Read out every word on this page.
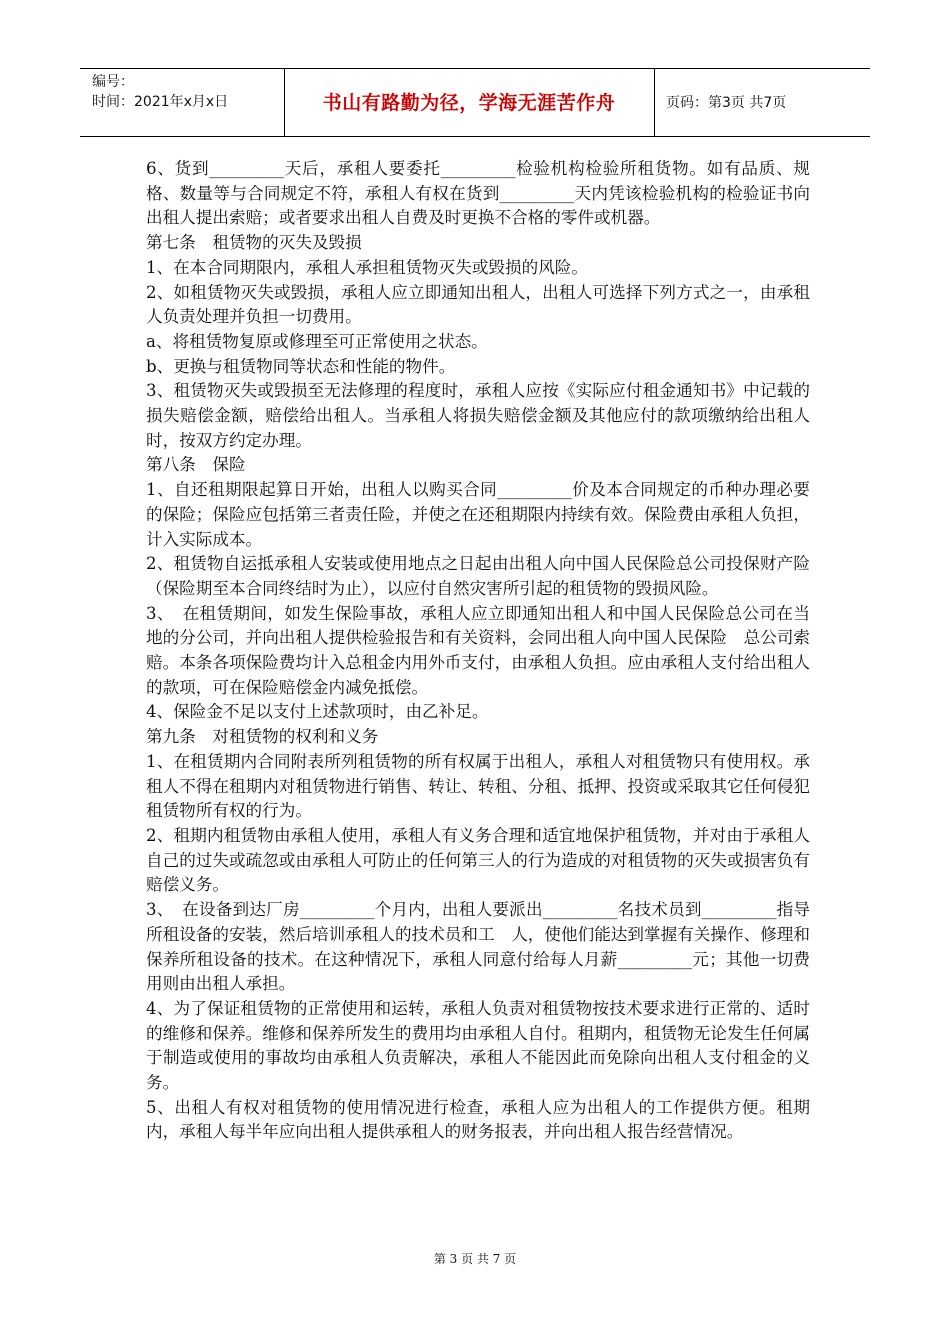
编号：
时间：2021年x月x日	书山有路勤为径，学海无涯苦作舟	页码：第3页 共7页

6、货到_________天后，承租人要委托_________检验机构检验所租货物。如有品质、规格、数量等与合同规定不符，承租人有权在货到_________天内凭该检验机构的检验证书向出租人提出索赔；或者要求出租人自费及时更换不合格的零件或机器。

第七条　租赁物的灭失及毁损

1、在本合同期限内，承租人承担租赁物灭失或毁损的风险。

2、如租赁物灭失或毁损，承租人应立即通知出租人，出租人可选择下列方式之一，由承租人负责处理并负担一切费用。

a、将租赁物复原或修理至可正常使用之状态。

b、更换与租赁物同等状态和性能的物件。

3、租赁物灭失或毁损至无法修理的程度时，承租人应按《实际应付租金通知书》中记载的损失赔偿金额，赔偿给出租人。当承租人将损失赔偿金额及其他应付的款项缴纳给出租人时，按双方约定办理。

第八条　保险

1、自还租期限起算日开始，出租人以购买合同_________价及本合同规定的币种办理必要的保险；保险应包括第三者责任险，并使之在还租期限内持续有效。保险费由承租人负担，计入实际成本。

2、租赁物自运抵承租人安装或使用地点之日起由出租人向中国人民保险总公司投保财产险（保险期至本合同终结时为止），以应付自然灾害所引起的租赁物的毁损风险。

3、　在租赁期间，如发生保险事故，承租人应立即通知出租人和中国人民保险总公司在当地的分公司，并向出租人提供检验报告和有关资料，会同出租人向中国人民保险　总公司索赔。本条各项保险费均计入总租金内用外币支付，由承租人负担。应由承租人支付给出租人的款项，可在保险赔偿金内减免抵偿。

4、保险金不足以支付上述款项时，由乙补足。

第九条　对租赁物的权利和义务

1、在租赁期内合同附表所列租赁物的所有权属于出租人，承租人对租赁物只有使用权。承租人不得在租期内对租赁物进行销售、转让、转租、分租、抵押、投资或采取其它任何侵犯租赁物所有权的行为。

2、租期内租赁物由承租人使用，承租人有义务合理和适宜地保护租赁物，并对由于承租人自己的过失或疏忽或由承租人可防止的任何第三人的行为造成的对租赁物的灭失或损害负有赔偿义务。

3、　在设备到达厂房_________个月内，出租人要派出_________名技术员到_________指导所租设备的安装，然后培训承租人的技术员和工　人，使他们能达到掌握有关操作、修理和保养所租设备的技术。在这种情况下，承租人同意付给每人月薪_________元；其他一切费用则由出租人承担。

4、为了保证租赁物的正常使用和运转，承租人负责对租赁物按技术要求进行正常的、适时的维修和保养。维修和保养所发生的费用均由承租人自付。租期内，租赁物无论发生任何属于制造或使用的事故均由承租人负责解决，承租人不能因此而免除向出租人支付租金的义务。

5、出租人有权对租赁物的使用情况进行检查，承租人应为出租人的工作提供方便。租期内，承租人每半年应向出租人提供承租人的财务报表，并向出租人报告经营情况。

第 3 页 共 7 页
